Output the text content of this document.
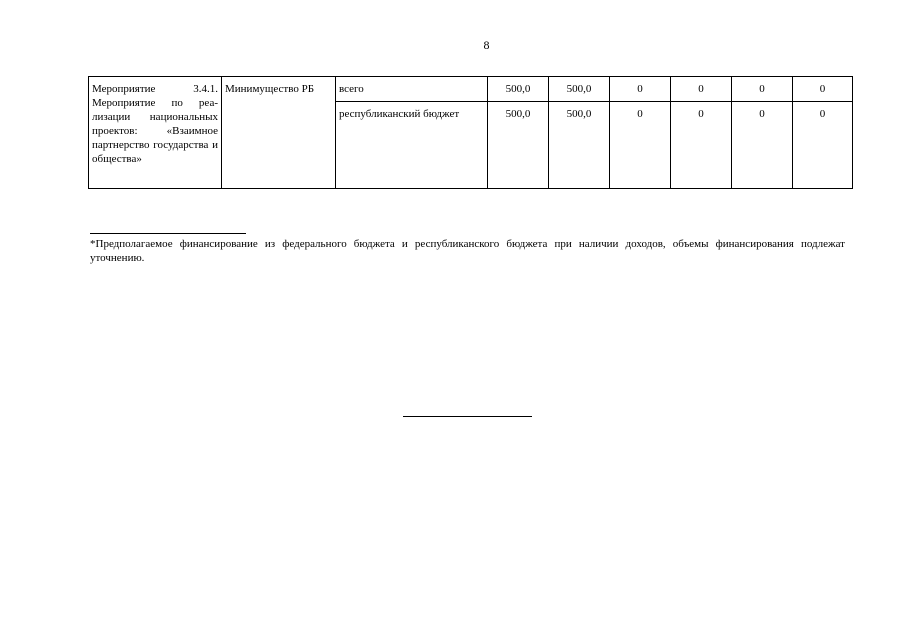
8
Мероприятие 3.4.1. Мероприятие по реализации национальных проектов: «Взаимное партнерство государства и общества»	Минимущество РБ	всего	500,0	500,0	0	0	0	0
		республиканский бюджет	500,0	500,0	0	0	0	0
*Предполагаемое финансирование из федерального бюджета и республиканского бюджета при наличии доходов, объемы финансирования подлежат уточнению.
